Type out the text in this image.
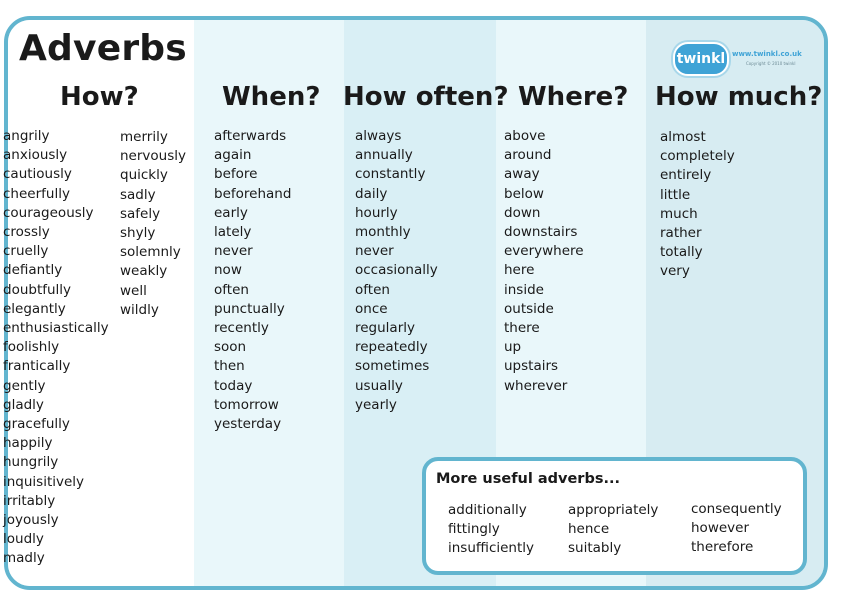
Adverbs	twinkl www.twinkl.co.uk
Copyright © 2010 twinkl
How?	When? How often? Where? How much?
angrily
anxiously
cautiously
cheerfully
courageously
crossly
cruelly
defiantly
doubtfully
elegantly
enthusiastically
foolishly
frantically
gently
gladly
gracefully
happily
hungrily
inquisitively
irritably
joyously
loudly
madly
merrily
nervously
quickly
sadly
safely
shyly
solemnly
weakly
well
wildly
afterwards
again
before
beforehand
early
lately
never
now
often
punctually
recently
soon
then
today
tomorrow
yesterday
always
annually
constantly
daily
hourly
monthly
never
occasionally
often
once
regularly
repeatedly
sometimes
usually
yearly
above
around
away
below
down
downstairs
everywhere
here
inside
outside
there
up
upstairs
wherever
almost
completely
entirely
little
much
rather
totally
very
More useful adverbs...
additionally
fittingly
insufficiently
appropriately
hence
suitably
consequently
however
therefore
